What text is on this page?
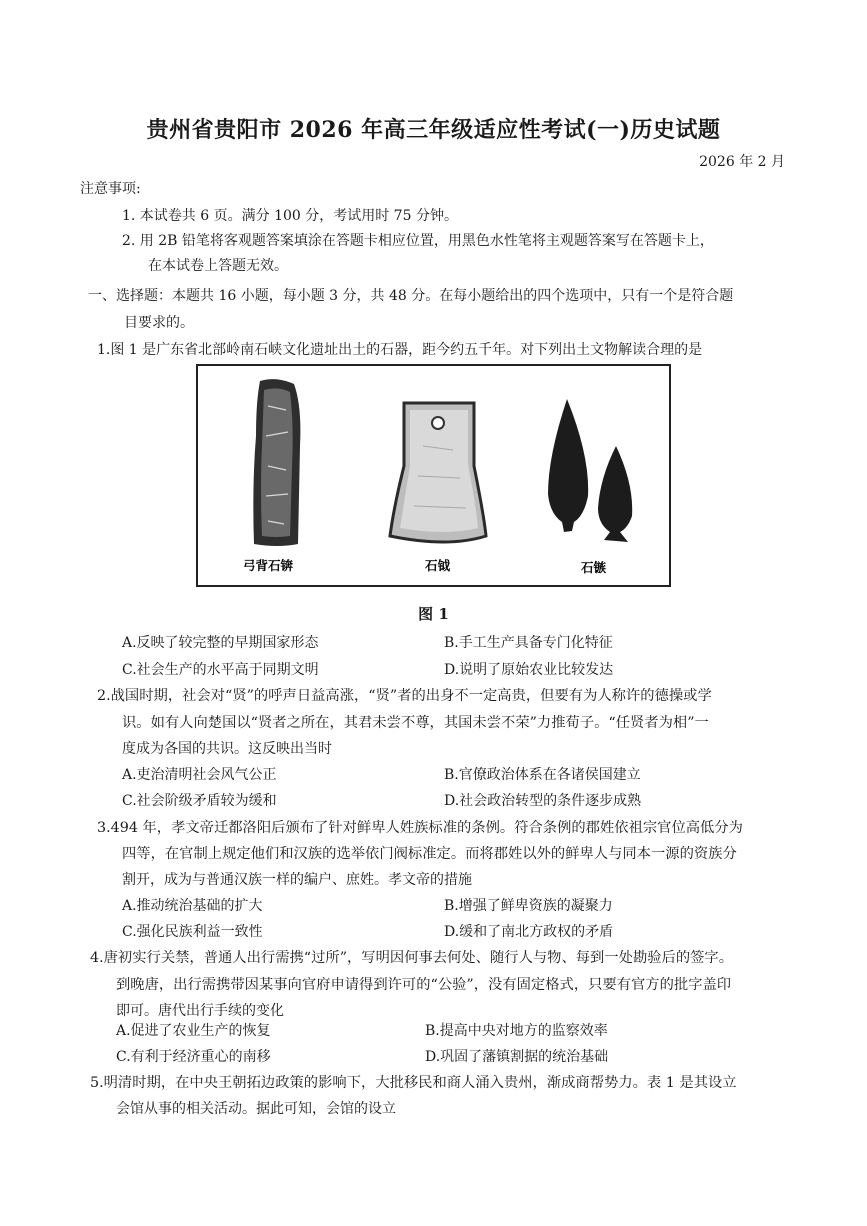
贵州省贵阳市 2026 年高三年级适应性考试(一)历史试题
2026 年 2 月
注意事项:
1. 本试卷共 6 页。满分 100 分，考试用时 75 分钟。
2. 用 2B 铅笔将客观题答案填涂在答题卡相应位置，用黑色水性笔将主观题答案写在答题卡上，
在本试卷上答题无效。
一、选择题：本题共 16 小题，每小题 3 分，共 48 分。在每小题给出的四个选项中，只有一个是符合题
目要求的。
1.图 1 是广东省北部岭南石峡文化遗址出土的石器，距今约五千年。对下列出土文物解读合理的是
弓背石锛	石钺	石镞
图 1
A.反映了较完整的早期国家形态	B.手工生产具备专门化特征
C.社会生产的水平高于同期文明	D.说明了原始农业比较发达
2.战国时期，社会对“贤”的呼声日益高涨，“贤”者的出身不一定高贵，但要有为人称许的德操或学
识。如有人向楚国以“贤者之所在，其君未尝不尊，其国未尝不荣”力推荀子。“任贤者为相”一
度成为各国的共识。这反映出当时
A.吏治清明社会风气公正	B.官僚政治体系在各诸侯国建立
C.社会阶级矛盾较为缓和	D.社会政治转型的条件逐步成熟
3.494 年，孝文帝迁都洛阳后颁布了针对鲜卑人姓族标准的条例。符合条例的郡姓依祖宗官位高低分为
四等，在官制上规定他们和汉族的选举依门阀标准定。而将郡姓以外的鲜卑人与同本一源的资族分
割开，成为与普通汉族一样的编户、庶姓。孝文帝的措施
A.推动统治基础的扩大	B.增强了鲜卑资族的凝聚力
C.强化民族利益一致性	D.缓和了南北方政权的矛盾
4.唐初实行关禁，普通人出行需携“过所”，写明因何事去何处、随行人与物、每到一处勘验后的签字。
到晚唐，出行需携带因某事向官府申请得到许可的“公验”，没有固定格式，只要有官方的批字盖印
即可。唐代出行手续的变化
A.促进了农业生产的恢复	B.提高中央对地方的监察效率
C.有利于经济重心的南移	D.巩固了藩镇割据的统治基础
5.明清时期，在中央王朝拓边政策的影响下，大批移民和商人涌入贵州，渐成商帮势力。表 1 是其设立
会馆从事的相关活动。据此可知，会馆的设立
